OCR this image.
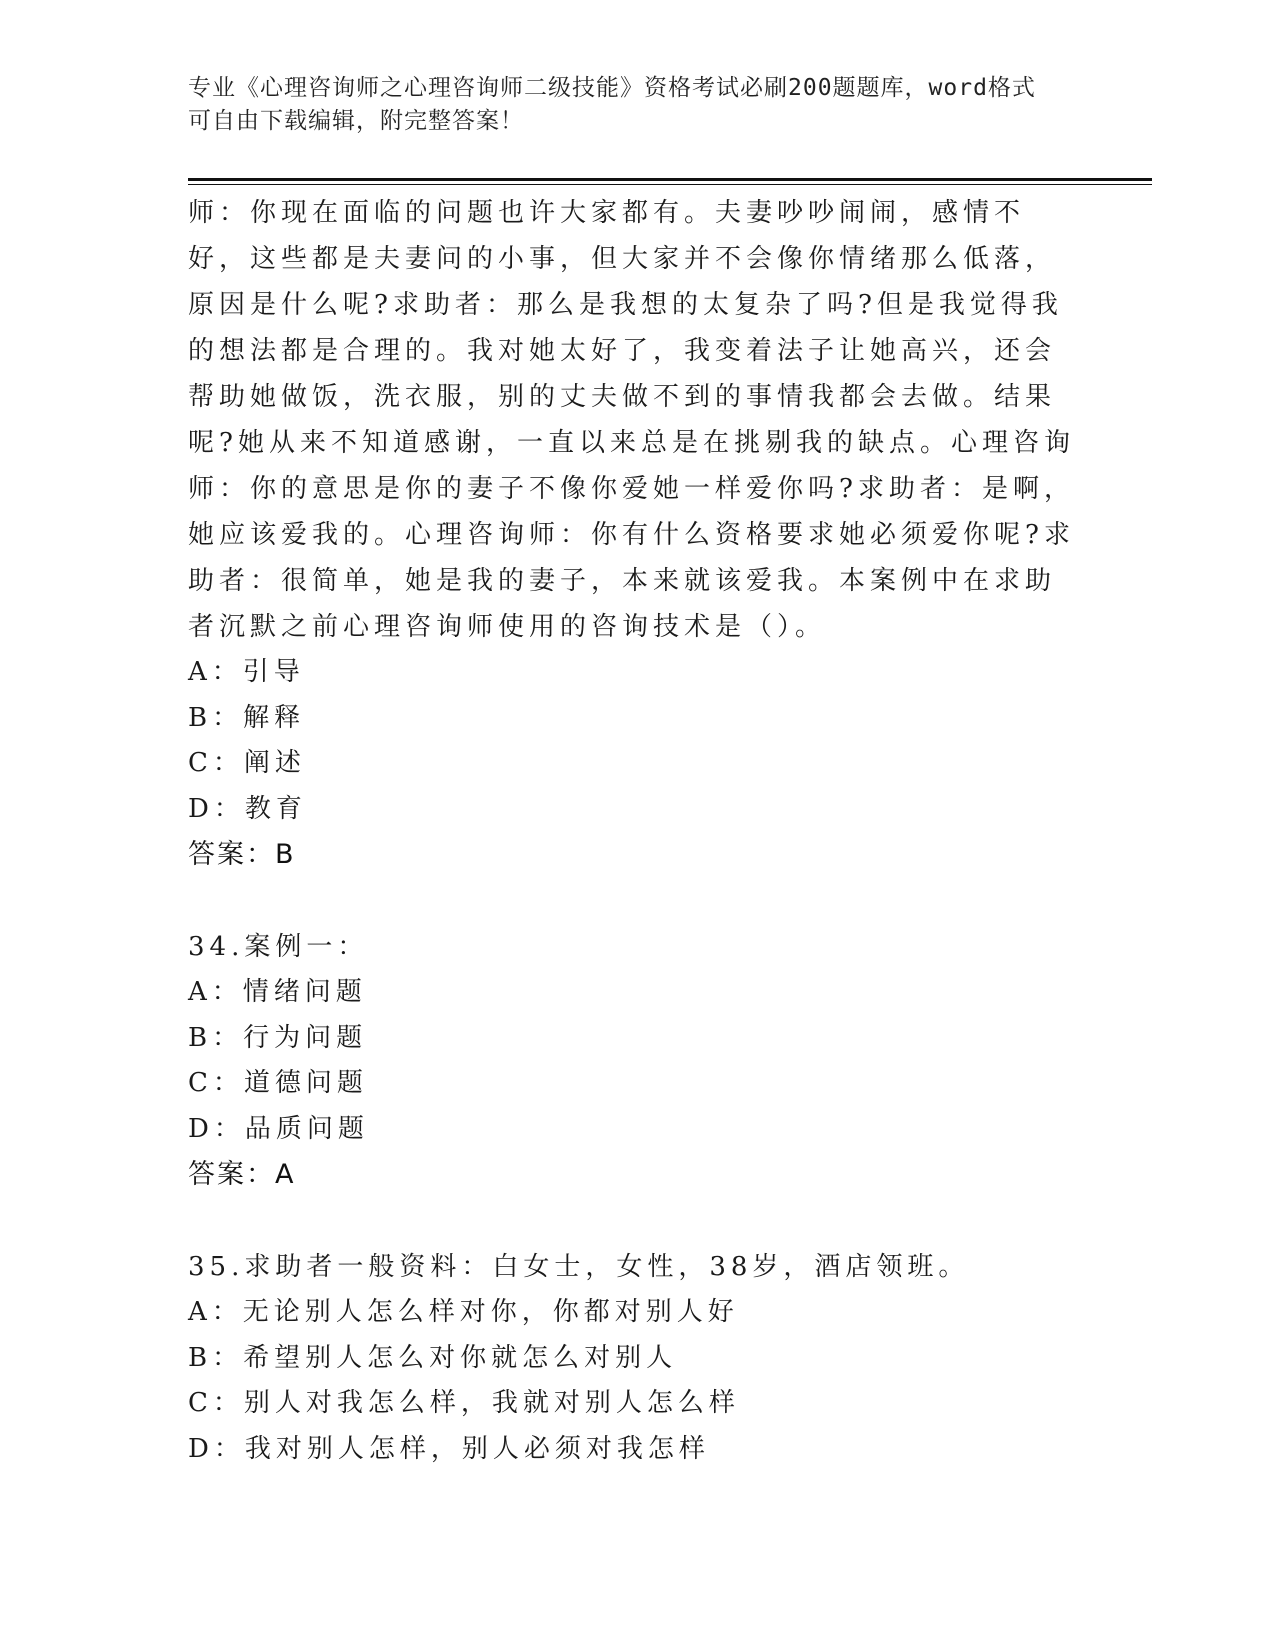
专业《心理咨询师之心理咨询师二级技能》资格考试必刷200题题库，word格式
可自由下载编辑，附完整答案！

师：你现在面临的问题也许大家都有。夫妻吵吵闹闹，感情不好，这些都是夫妻问的小事，但大家并不会像你情绪那么低落，原因是什么呢?求助者：那么是我想的太复杂了吗?但是我觉得我的想法都是合理的。我对她太好了，我变着法子让她高兴，还会帮助她做饭，洗衣服，别的丈夫做不到的事情我都会去做。结果呢?她从来不知道感谢，一直以来总是在挑剔我的缺点。心理咨询师：你的意思是你的妻子不像你爱她一样爱你吗?求助者：是啊，她应该爱我的。心理咨询师：你有什么资格要求她必须爱你呢?求助者：很简单，她是我的妻子，本来就该爱我。本案例中在求助者沉默之前心理咨询师使用的咨询技术是（）。

A：引导

B：解释

C：阐述

D：教育

答案：B

34.案例一：

A：情绪问题

B：行为问题

C：道德问题

D：品质问题

答案：A

35.求助者一般资料：白女士，女性，38岁，酒店领班。

A：无论别人怎么样对你，你都对别人好

B：希望别人怎么对你就怎么对别人

C：别人对我怎么样，我就对别人怎么样

D：我对别人怎样，别人必须对我怎样
